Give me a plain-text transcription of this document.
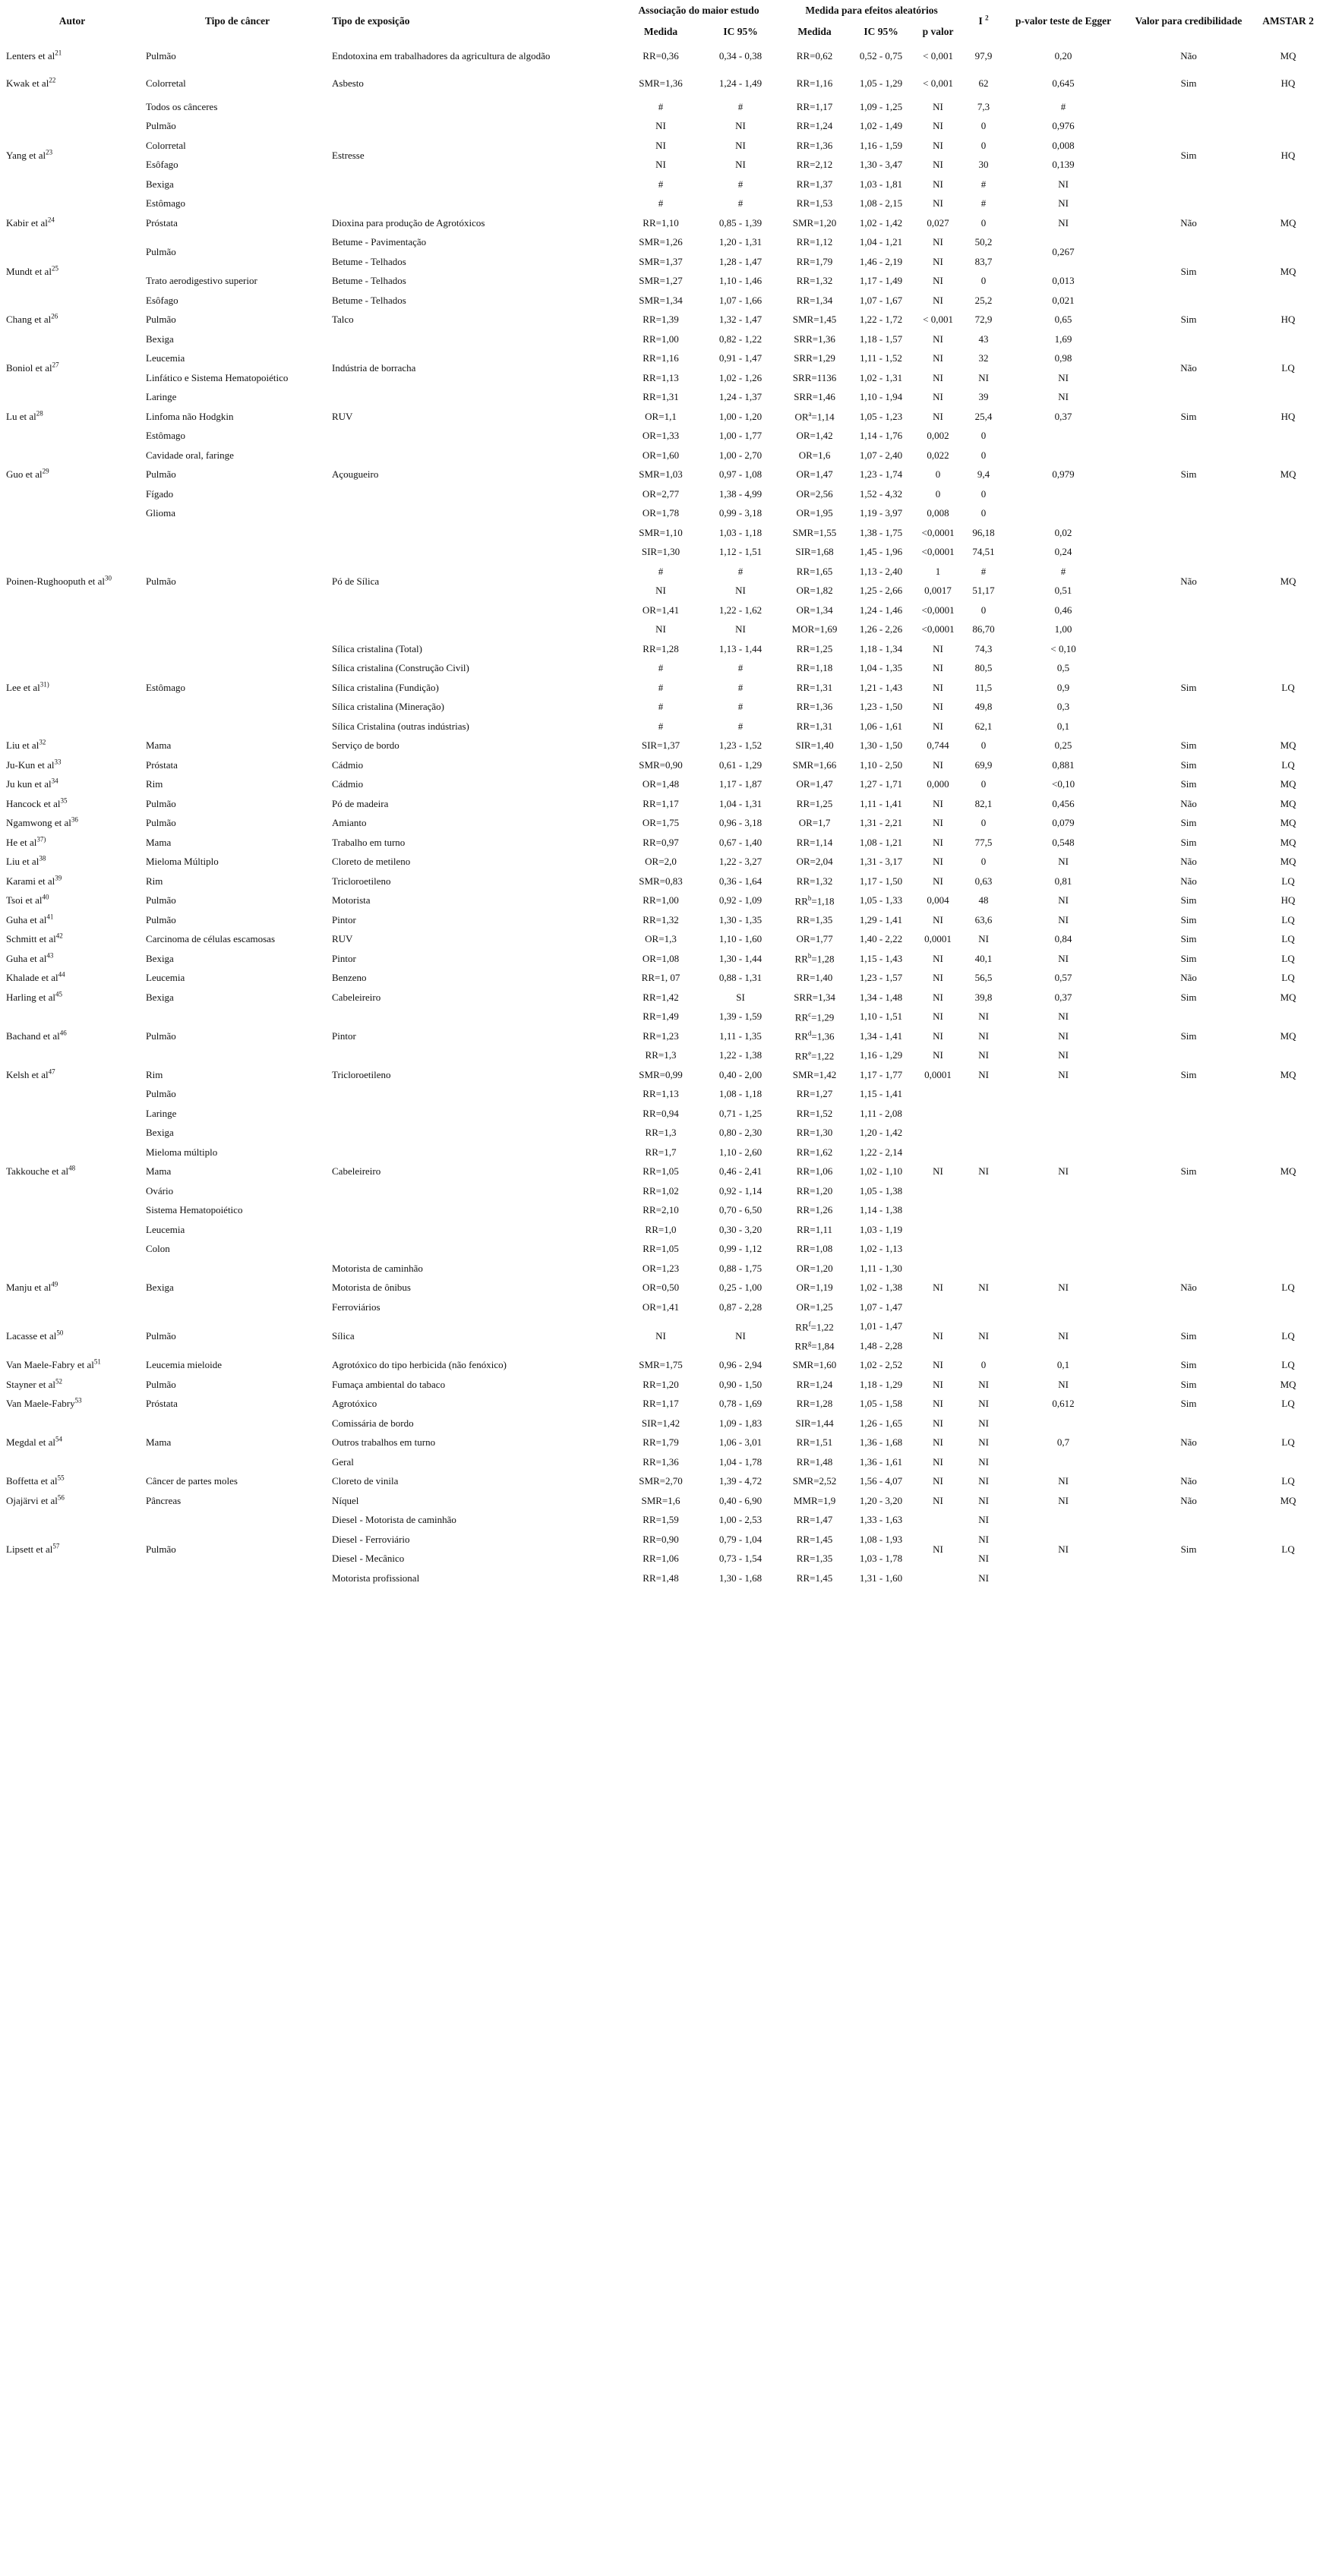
Autor	Tipo de câncer	Tipo de exposição	Associação do maior estudo		Medida para efeitos aleatórios			I $^2$	p-valor teste de Egger	Valor para credibilidade	AMSTAR 2
			Medida	IC 95%	Medida	IC 95%	p valor				
Lenters et $al^{21}$	Pulmão	Endotoxina em trabalhadores da agricultura de algodão	RR=0,36	0,34 - 0,38	RR=0,62	0,52 - 0,75	< 0,001	97,9	0,20	Não	MQ
Kwak et $al^{22}$	Colorretal	Asbesto	SMR=1,36	1,24 - 1,49	RR=1,16	1,05 - 1,29	< 0,001	62	0,645	Sim	HQ
Yang et $al^{23}$	Todos os cânceres	Estresse	#	#	RR=1,17	1,09 - 1,25	NI	7,3	#	Sim	HQ
	Pulmão		NI	NI	RR=1,24	1,02 - 1,49	NI	0	0,976		
	Colorretal		NI	NI	RR=1,36	1,16 - 1,59	NI	0	0,008		
	Esôfago		NI	NI	RR=2,12	1,30 - 3,47	NI	30	0,139		
	Bexiga		#	#	RR=1,37	1,03 - 1,81	NI	#	NI		
	Estômago		#	#	RR=1,53	1,08 - 2,15	NI	#	NI		
Kabir et $al^{24}$	Próstata	Dioxina para produção de Agrotóxicos	RR=1,10	0,85 - 1,39	SMR=1,20	1,02 - 1,42	0,027	0	NI	Não	MQ
Mundt et $al^{25}$	Pulmão	Betume - Pavimentação	SMR=1,26	1,20 - 1,31	RR=1,12	1,04 - 1,21	NI	50,2	0,267	Sim	MQ
		Betume - Telhados	SMR=1,37	1,28 - 1,47	RR=1,79	1,46 - 2,19	NI	83,7			
	Trato aerodigestivo superior	Betume - Telhados	SMR=1,27	1,10 - 1,46	RR=1,32	1,17 - 1,49	NI	0	0,013		
	Esôfago	Betume - Telhados	SMR=1,34	1,07 - 1,66	RR=1,34	1,07 - 1,67	NI	25,2	0,021		
Chang et $al^{26}$	Pulmão	Talco	RR=1,39	1,32 - 1,47	SMR=1,45	1,22 - 1,72	< 0,001	72,9	0,65	Sim	HQ
Boniol et $al^{27}$	Bexiga	Indústria de borracha	RR=1,00	0,82 - 1,22	SRR=1,36	1,18 - 1,57	NI	43	1,69	Não	LQ
	Leucemia		RR=1,16	0,91 - 1,47	SRR=1,29	1,11 - 1,52	NI	32	0,98		
	Linfático e Sistema Hematopoiético		RR=1,13	1,02 - 1,26	SRR=1136	1,02 - 1,31	NI	NI	NI		
	Laringe		RR=1,31	1,24 - 1,37	SRR=1,46	1,10 - 1,94	NI	39	NI		
Lu et $al^{28}$	Linfoma não Hodgkin	RUV	OR=1,1	1,00 - 1,20	$OR^a=1,14$	1,05 - 1,23	NI	25,4	0,37	Sim	HQ
Guo et $al^{29}$	Estômago	Açougueiro	OR=1,33	1,00 - 1,77	OR=1,42	1,14 - 1,76	0,002	0	0,979	Sim	MQ
	Cavidade oral, faringe		OR=1,60	1,00 - 2,70	OR=1,6	1,07 - 2,40	0,022	0			
	Pulmão		SMR=1,03	0,97 - 1,08	OR=1,47	1,23 - 1,74	0	9,4			
	Fígado		OR=2,77	1,38 - 4,99	OR=2,56	1,52 - 4,32	0	0			
	Glioma		OR=1,78	0,99 - 3,18	OR=1,95	1,19 - 3,97	0,008	0			
Poinen-Rughooputh et $al^{30}$	Pulmão	Pó de Sílica	SMR=1,10	1,03 - 1,18	SMR=1,55	1,38 - 1,75	<0,0001	96,18	0,02	Não	MQ
			SIR=1,30	1,12 - 1,51	SIR=1,68	1,45 - 1,96	<0,0001	74,51	0,24		
			#	#	RR=1,65	1,13 - 2,40	1	#	#		
			NI	NI	OR=1,82	1,25 - 2,66	0,0017	51,17	0,51		
			OR=1,41	1,22 - 1,62	OR=1,34	1,24 - 1,46	<0,0001	0	0,46		
			NI	NI	MOR=1,69	1,26 - 2,26	<0,0001	86,70	1,00		
Lee et $al^{31)}$	Estômago	Sílica cristalina (Total)	RR=1,28	1,13 - 1,44	RR=1,25	1,18 - 1,34	NI	74,3	< 0,10	Sim	LQ
		Sílica cristalina (Construção Civil)	#	#	RR=1,18	1,04 - 1,35	NI	80,5	0,5		
		Sílica cristalina (Fundição)	#	#	RR=1,31	1,21 - 1,43	NI	11,5	0,9		
		Sílica cristalina (Mineração)	#	#	RR=1,36	1,23 - 1,50	NI	49,8	0,3		
		Sílica Cristalina (outras indústrias)	#	#	RR=1,31	1,06 - 1,61	NI	62,1	0,1		
Liu et $al^{32}$	Mama	Serviço de bordo	SIR=1,37	1,23 - 1,52	SIR=1,40	1,30 - 1,50	0,744	0	0,25	Sim	MQ
Ju-Kun et $al^{33}$	Próstata	Cádmio	SMR=0,90	0,61 - 1,29	SMR=1,66	1,10 - 2,50	NI	69,9	0,881	Sim	LQ
Ju kun et $al^{34}$	Rim	Cádmio	OR=1,48	1,17 - 1,87	OR=1,47	1,27 - 1,71	0,000	0	<0,10	Sim	MQ
Hancock et $al^{35}$	Pulmão	Pó de madeira	RR=1,17	1,04 - 1,31	RR=1,25	1,11 - 1,41	NI	82,1	0,456	Não	MQ
Ngamwong et $al^{36}$	Pulmão	Amianto	OR=1,75	0,96 - 3,18	OR=1,7	1,31 - 2,21	NI	0	0,079	Sim	MQ
He et $al^{37)}$	Mama	Trabalho em turno	RR=0,97	0,67 - 1,40	RR=1,14	1,08 - 1,21	NI	77,5	0,548	Sim	MQ
Liu et $al^{38}$	Mieloma Múltiplo	Cloreto de metileno	OR=2,0	1,22 - 3,27	OR=2,04	1,31 - 3,17	NI	0	NI	Não	MQ
Karami et $al^{39}$	Rim	Tricloroetileno	SMR=0,83	0,36 - 1,64	RR=1,32	1,17 - 1,50	NI	0,63	0,81	Não	LQ
Tsoi et $al^{40}$	Pulmão	Motorista	RR=1,00	0,92 - 1,09	$RR^b=1,18$	1,05 - 1,33	0,004	48	NI	Sim	HQ
Guha et $al^{41}$	Pulmão	Pintor	RR=1,32	1,30 - 1,35	RR=1,35	1,29 - 1,41	NI	63,6	NI	Sim	LQ
Schmitt et $al^{42}$	Carcinoma de células escamosas	RUV	OR=1,3	1,10 - 1,60	OR=1,77	1,40 - 2,22	0,0001	NI	0,84	Sim	LQ
Guha et $al^{43}$	Bexiga	Pintor	OR=1,08	1,30 - 1,44	$RR^b=1,28$	1,15 - 1,43	NI	40,1	NI	Sim	LQ
Khalade et $al^{44}$	Leucemia	Benzeno	RR=1, 07	0,88 - 1,31	RR=1,40	1,23 - 1,57	NI	56,5	0,57	Não	LQ
Harling et $al^{45}$	Bexiga	Cabeleireiro	RR=1,42	SI	SRR=1,34	1,34 - 1,48	NI	39,8	0,37	Sim	MQ
Bachand et $al^{46}$	Pulmão	Pintor	RR=1,49	1,39 - 1,59	$RR^c=1,29$	1,10 - 1,51	NI	NI	NI	Sim	MQ
			RR=1,23	1,11 - 1,35	$RR^d=1,36$	1,34 - 1,41	NI	NI	NI		
			RR=1,3	1,22 - 1,38	$RR^e=1,22$	1,16 - 1,29	NI	NI	NI		
Kelsh et $al^{47}$	Rim	Tricloroetileno	SMR=0,99	0,40 - 2,00	SMR=1,42	1,17 - 1,77	0,0001	NI	NI	Sim	MQ
Takkouche et $al^{48}$	Pulmão	Cabeleireiro	RR=1,13	1,08 - 1,18	RR=1,27	1,15 - 1,41	NI	NI	NI	Sim	MQ
	Laringe		RR=0,94	0,71 - 1,25	RR=1,52	1,11 - 2,08					
	Bexiga		RR=1,3	0,80 - 2,30	RR=1,30	1,20 - 1,42					
	Mieloma múltiplo		RR=1,7	1,10 - 2,60	RR=1,62	1,22 - 2,14					
	Mama		RR=1,05	0,46 - 2,41	RR=1,06	1,02 - 1,10					
	Ovário		RR=1,02	0,92 - 1,14	RR=1,20	1,05 - 1,38					
	Sistema Hematopoiético		RR=2,10	0,70 - 6,50	RR=1,26	1,14 - 1,38					
	Leucemia		RR=1,0	0,30 - 3,20	RR=1,11	1,03 - 1,19					
	Colon		RR=1,05	0,99 - 1,12	RR=1,08	1,02 - 1,13					
Manju et $al^{49}$	Bexiga	Motorista de caminhão	OR=1,23	0,88 - 1,75	OR=1,20	1,11 - 1,30	NI	NI	NI	Não	LQ
		Motorista de ônibus	OR=0,50	0,25 - 1,00	OR=1,19	1,02 - 1,38					
		Ferroviários	OR=1,41	0,87 - 2,28	OR=1,25	1,07 - 1,47					
Lacasse et $al^{50}$	Pulmão	Sílica	NI	NI	$RR^f=1,22$	1,01 - 1,47	NI	NI	NI	Sim	LQ
					$RR^g=1,84$	1,48 - 2,28					
Van Maele-Fabry et $al^{51}$	Leucemia mieloide	Agrotóxico do tipo herbicida (não fenóxico)	SMR=1,75	0,96 - 2,94	SMR=1,60	1,02 - 2,52	NI	0	0,1	Sim	LQ
Stayner et $al^{52}$	Pulmão	Fumaça ambiental do tabaco	RR=1,20	0,90 - 1,50	RR=1,24	1,18 - 1,29	NI	NI	NI	Sim	MQ
Van Maele-Fabry$^{53}$	Próstata	Agrotóxico	RR=1,17	0,78 - 1,69	RR=1,28	1,05 - 1,58	NI	NI	0,612	Sim	LQ
Megdal et $al^{54}$	Mama	Comissária de bordo	SIR=1,42	1,09 - 1,83	SIR=1,44	1,26 - 1,65	NI	NI	0,7	Não	LQ
		Outros trabalhos em turno	RR=1,79	1,06 - 3,01	RR=1,51	1,36 - 1,68	NI	NI			
		Geral	RR=1,36	1,04 - 1,78	RR=1,48	1,36 - 1,61	NI	NI			
Boffetta et $al^{55}$	Câncer de partes moles	Cloreto de vinila	SMR=2,70	1,39 - 4,72	SMR=2,52	1,56 - 4,07	NI	NI	NI	Não	LQ
Ojajärvi et $al^{56}$	Pâncreas	Níquel	SMR=1,6	0,40 - 6,90	MMR=1,9	1,20 - 3,20	NI	NI	NI	Não	MQ
Lipsett et $al^{57}$	Pulmão	Diesel - Motorista de caminhão	RR=1,59	1,00 - 2,53	RR=1,47	1,33 - 1,63	NI	NI	NI	Sim	LQ
		Diesel - Ferroviário	RR=0,90	0,79 - 1,04	RR=1,45	1,08 - 1,93		NI			
		Diesel - Mecânico	RR=1,06	0,73 - 1,54	RR=1,35	1,03 - 1,78		NI			
		Motorista profissional	RR=1,48	1,30 - 1,68	RR=1,45	1,31 - 1,60		NI			
